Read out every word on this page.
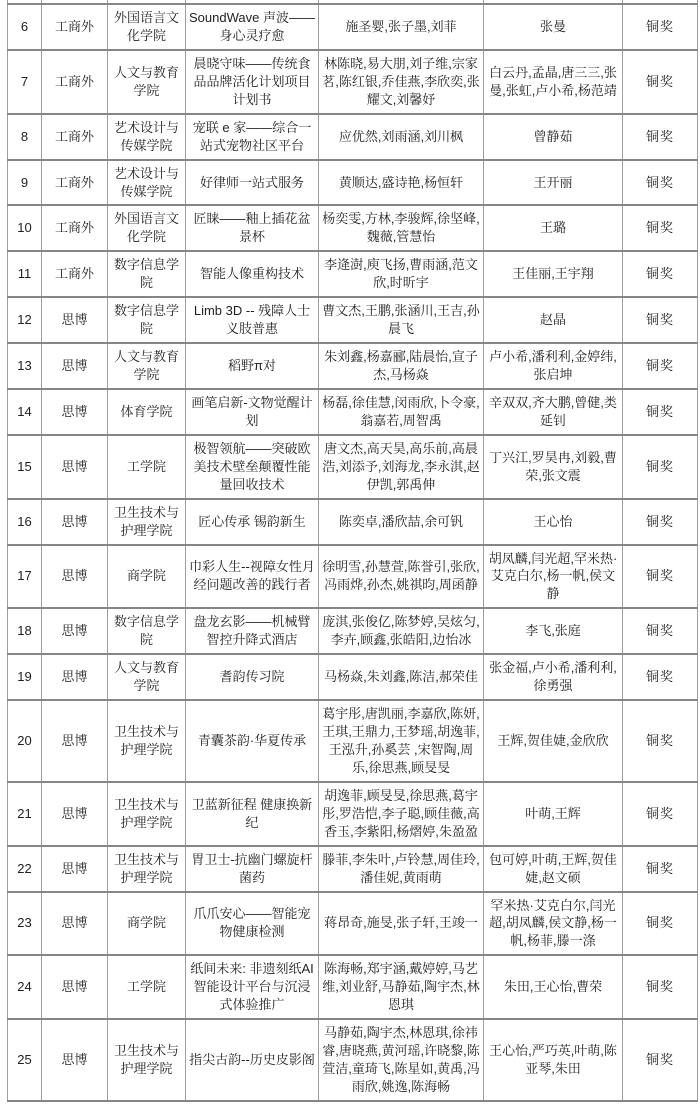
6	工商外	外国语言文化学院	SoundWave 声波——身心灵疗愈	施圣婴,张子墨,刘菲	张曼	铜奖
7	工商外	人文与教育学院	晨晓守味——传统食品品牌活化计划项目计划书	林陈晓,易大朋,刘子维,宗家茗,陈红银,乔佳燕,李欣奕,张耀文,刘馨妤	白云丹,孟晶,唐三三,张曼,张虹,卢小希,杨范靖	铜奖
8	工商外	艺术设计与传媒学院	宠联 e 家——综合一站式宠物社区平台	应优然,刘雨涵,刘川枫	曾静茹	铜奖
9	工商外	艺术设计与传媒学院	好律师一站式服务	黄顺达,盛诗艳,杨恒轩	王开丽	铜奖
10	工商外	外国语言文化学院	匠睐——釉上插花盆景杯	杨奕雯,方林,李骏辉,徐坚峰,魏薇,管慧怡	王璐	铜奖
11	工商外	数字信息学院	智能人像重构技术	李逄澍,庾飞扬,曹雨涵,范文欣,时昕宇	王佳丽,王宇翔	铜奖
12	思博	数字信息学院	Limb 3D -- 残障人士义肢普惠	曹文杰,王鹏,张涵川,王吉,孙晨飞	赵晶	铜奖
13	思博	人文与教育学院	稻野π对	朱刘鑫,杨嘉郦,陆晨怡,宣子杰,马杨焱	卢小希,潘利利,金婷纬,张启坤	铜奖
14	思博	体育学院	画笔启新-文物觉醒计划	杨磊,徐佳慧,闵雨欣,卜令豪,翁嘉若,周智禹	辛双双,齐大鹏,曾健,类延钊	铜奖
15	思博	工学院	极智领航——突破欧美技术壁垒颠覆性能量回收技术	唐文杰,高天昊,高乐前,高晨浩,刘添予,刘海龙,李永淇,赵伊凯,郭禹伸	丁兴江,罗昊冉,刘毅,曹荣,张文震	铜奖
16	思博	卫生技术与护理学院	匠心传承 锡韵新生	陈奕卓,潘欣喆,余可钒	王心怡	铜奖
17	思博	商学院	巾彩人生--视障女性月经问题改善的践行者	徐明雪,孙慧萱,陈誉引,张欣,冯雨烨,孙杰,姚祺昀,周函静	胡凤麟,闫光超,罕米热·艾克白尔,杨一帆,侯文静	铜奖
18	思博	数字信息学院	盘龙玄影——机械臂智控升降式酒店	庞淇,张俊亿,陈梦婷,吴炫匀,李卉,顾鑫,张皓阳,边怡冰	李飞,张庭	铜奖
19	思博	人文与教育学院	耆韵传习院	马杨焱,朱刘鑫,陈洁,郝荣佳	张金福,卢小希,潘利利,徐勇强	铜奖
20	思博	卫生技术与护理学院	青囊茶韵·华夏传承	葛宇彤,唐凯丽,李嘉欣,陈妍,王琪,王鼎力,王梦瑶,胡逸菲,王泓升,孙奚芸 ,宋智陶,周乐,徐思燕,顾旻旻	王辉,贺佳婕,金欣欣	铜奖
21	思博	卫生技术与护理学院	卫蓝新征程 健康换新纪	胡逸菲,顾旻旻,徐思燕,葛宇彤,罗浩恺,李子聪,顾佳薇,高香玉,李紫阳,杨熠婷,朱盈盈	叶萌,王辉	铜奖
22	思博	卫生技术与护理学院	胃卫士-抗幽门螺旋杆菌药	滕菲,李朱叶,卢铃慧,周佳玲,潘佳妮,黄雨萌	包可婷,叶萌,王辉,贺佳婕,赵文硕	铜奖
23	思博	商学院	爪爪安心——智能宠物健康检测	蒋昂奇,施旻,张子轩,王竣一	罕米热·艾克白尔,闫光超,胡凤麟,侯文静,杨一帆,杨菲,滕一涤	铜奖
24	思博	工学院	纸间未来: 非遗刻纸AI 智能设计平台与沉浸式体验推广	陈海畅,郑宇涵,戴婷婷,马艺维,刘业舒,马静茹,陶宇杰,林恩琪	朱田,王心怡,曹荣	铜奖
25	思博	卫生技术与护理学院	指尖古韵--历史皮影阁	马静茹,陶宇杰,林恩琪,徐祎睿,唐晓燕,黄河瑶,许晓黎,陈萱洁,童琦飞,陈星如,黄禹,冯雨欣,姚逸,陈海畅	王心怡,严巧英,叶萌,陈亚琴,朱田	铜奖
